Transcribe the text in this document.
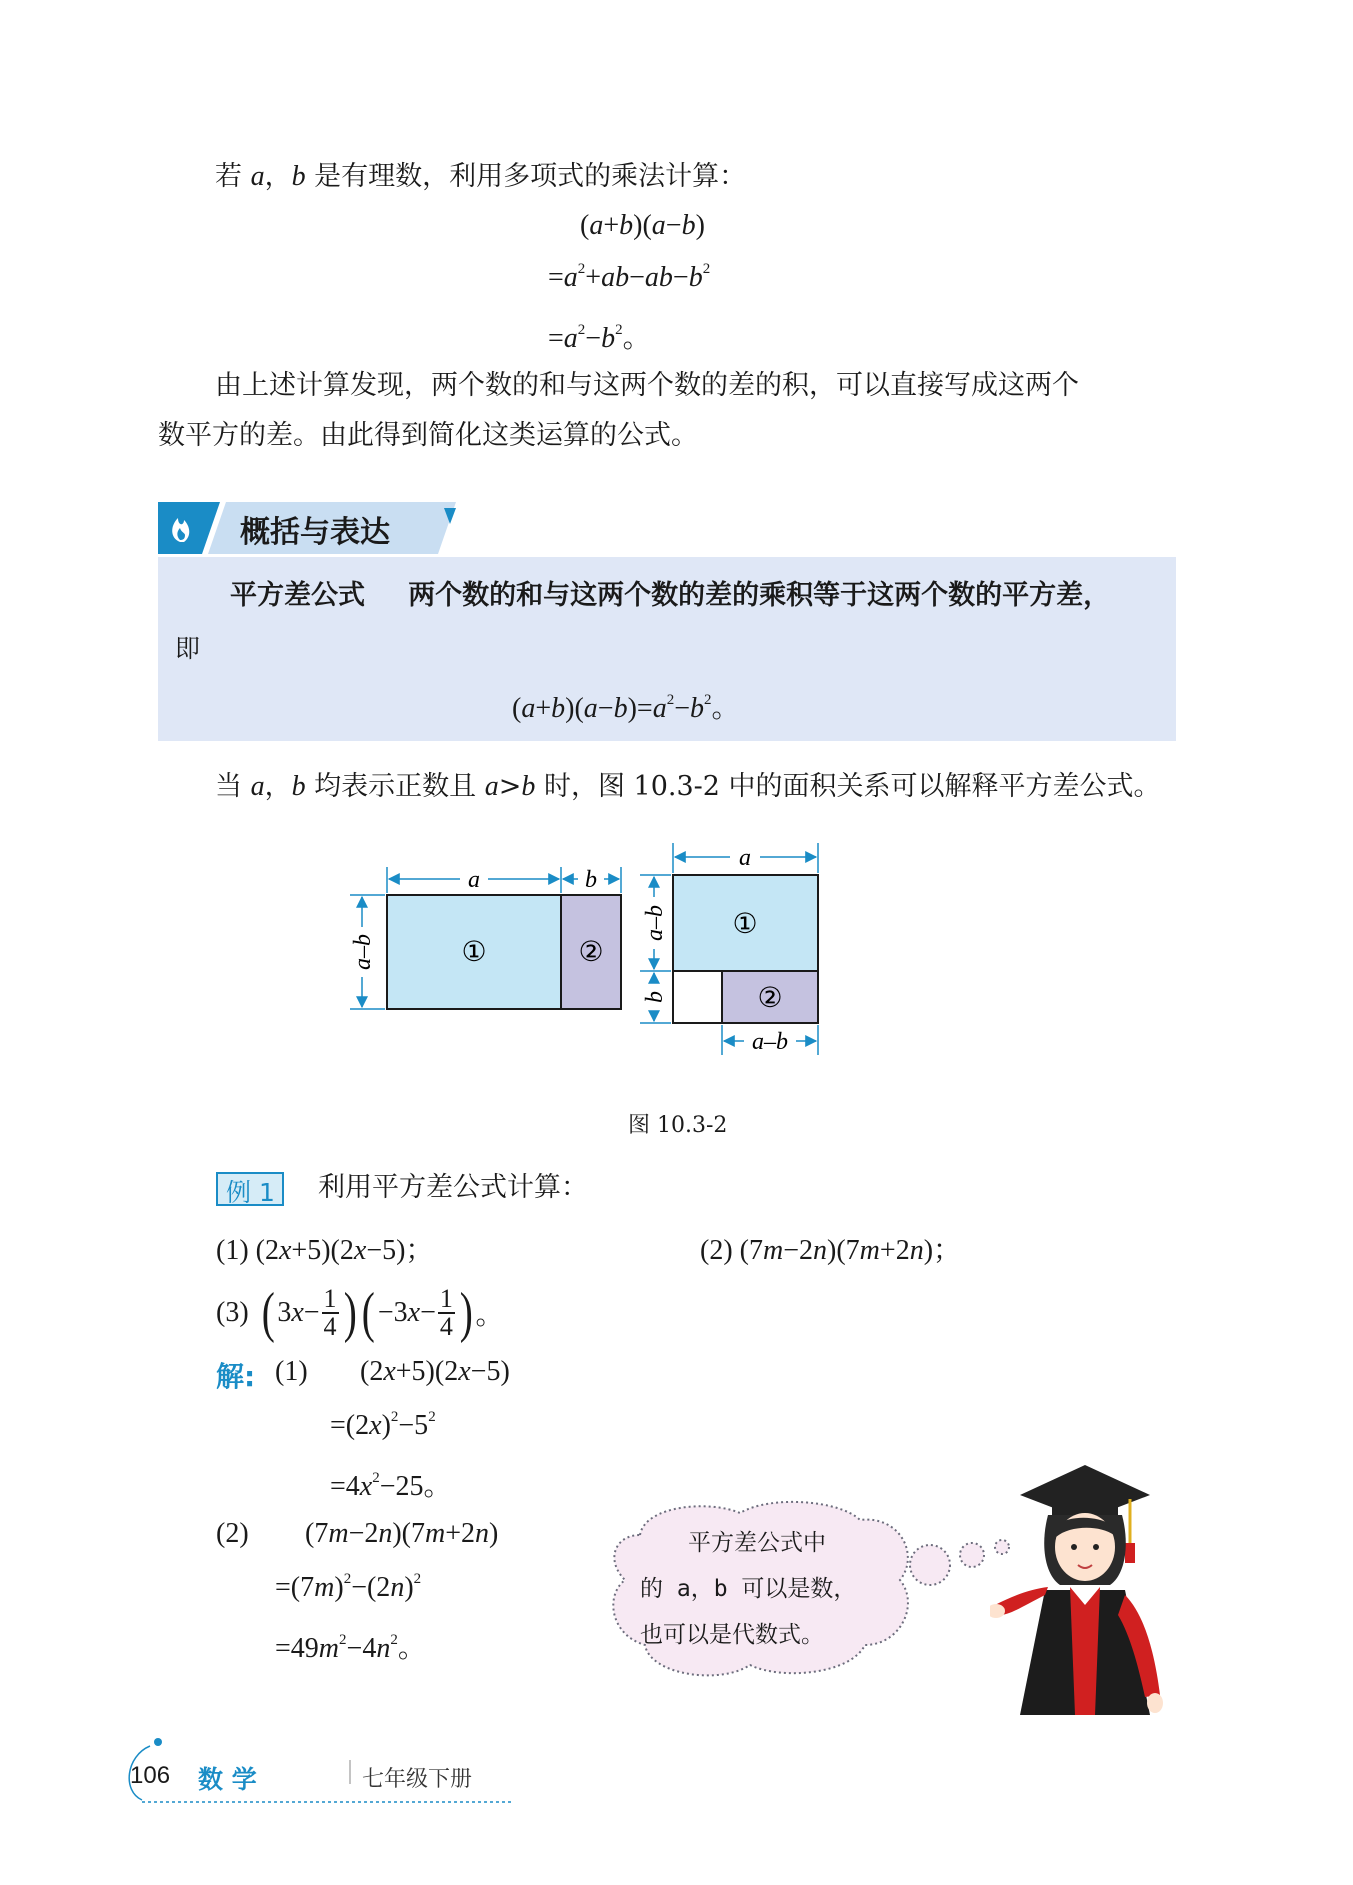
若 a，b 是有理数，利用多项式的乘法计算：
(a+b)(a−b)
$=a^2+ab-ab-b^2$
$=a^2-b^2$。
由上述计算发现，两个数的和与这两个数的差的积，可以直接写成这两个
数平方的差。由此得到简化这类运算的公式。
概括与表达
平方差公式 两个数的和与这两个数的差的乘积等于这两个数的平方差，
即
$(a+b)(a-b)=a^2-b^2$。
当 a，b 均表示正数且 a>b 时，图 10.3-2 中的面积关系可以解释平方差公式。
①	②
a	b
a–b
①
②
a
a–b
b
a–b
图 10.3-2
例 1 利用平方差公式计算：
(1) (2x+5)(2x−5)；	(2) (7m−2n)(7m+2n)；
(3) ( 3 $x - \frac{1}{4}$ ) ( −3 $x - \frac{1}{4}$ ) 。
解: (1) (2x+5)(2x−5)
$=(2x)^2-5^2$
$=4x^2-25$。
(2) (7m−2n)(7m+2n)
$=(7m)^2-(2n)^2$
$=49m^2-4n^2$。
平方差公式中
的 a，b 可以是数，
也可以是代数式。
106 数 学	七年级下册
